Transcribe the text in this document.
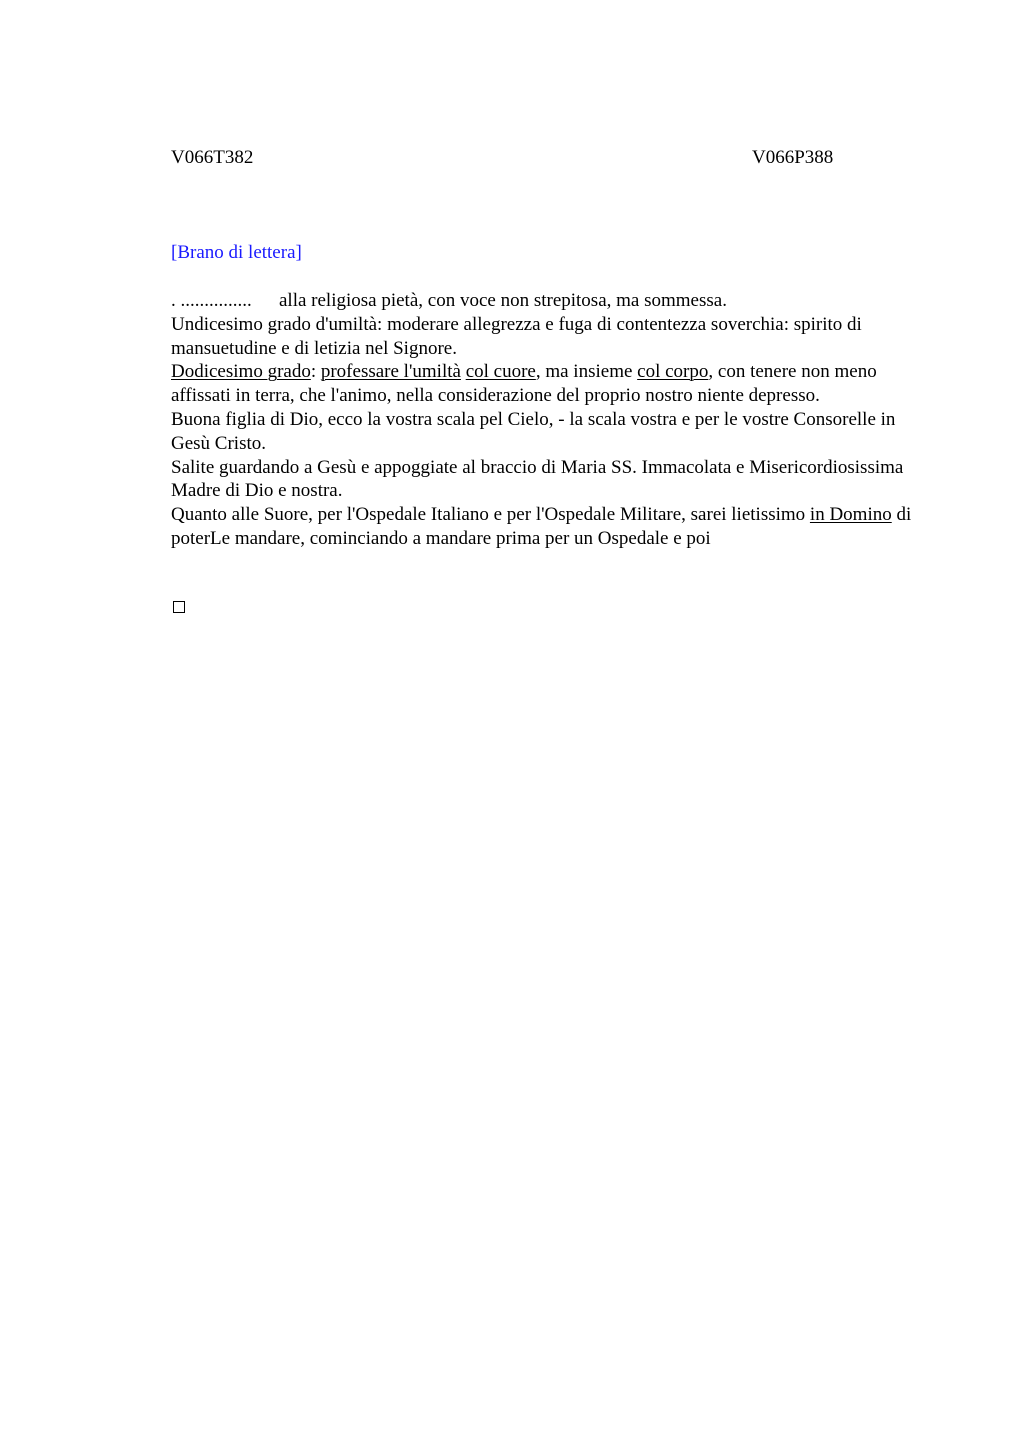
V066T382	V066P388
[Brano di lettera]

. ............... alla religiosa pietà, con voce non strepitosa, ma sommessa.

Undicesimo grado d'umiltà: moderare allegrezza e fuga di contentezza soverchia: spirito di mansuetudine e di letizia nel Signore.

Dodicesimo grado: professare l'umiltà col cuore, ma insieme col corpo, con tenere non meno affissati in terra, che l'animo, nella considerazione del proprio nostro niente depresso.

Buona figlia di Dio, ecco la vostra scala pel Cielo, - la scala vostra e per le vostre Consorelle in Gesù Cristo.

Salite guardando a Gesù e appoggiate al braccio di Maria SS. Immacolata e Misericordiosissima Madre di Dio e nostra.

Quanto alle Suore, per l'Ospedale Italiano e per l'Ospedale Militare, sarei lietissimo in Domino di poterLe mandare, cominciando a mandare prima per un Ospedale e poi
